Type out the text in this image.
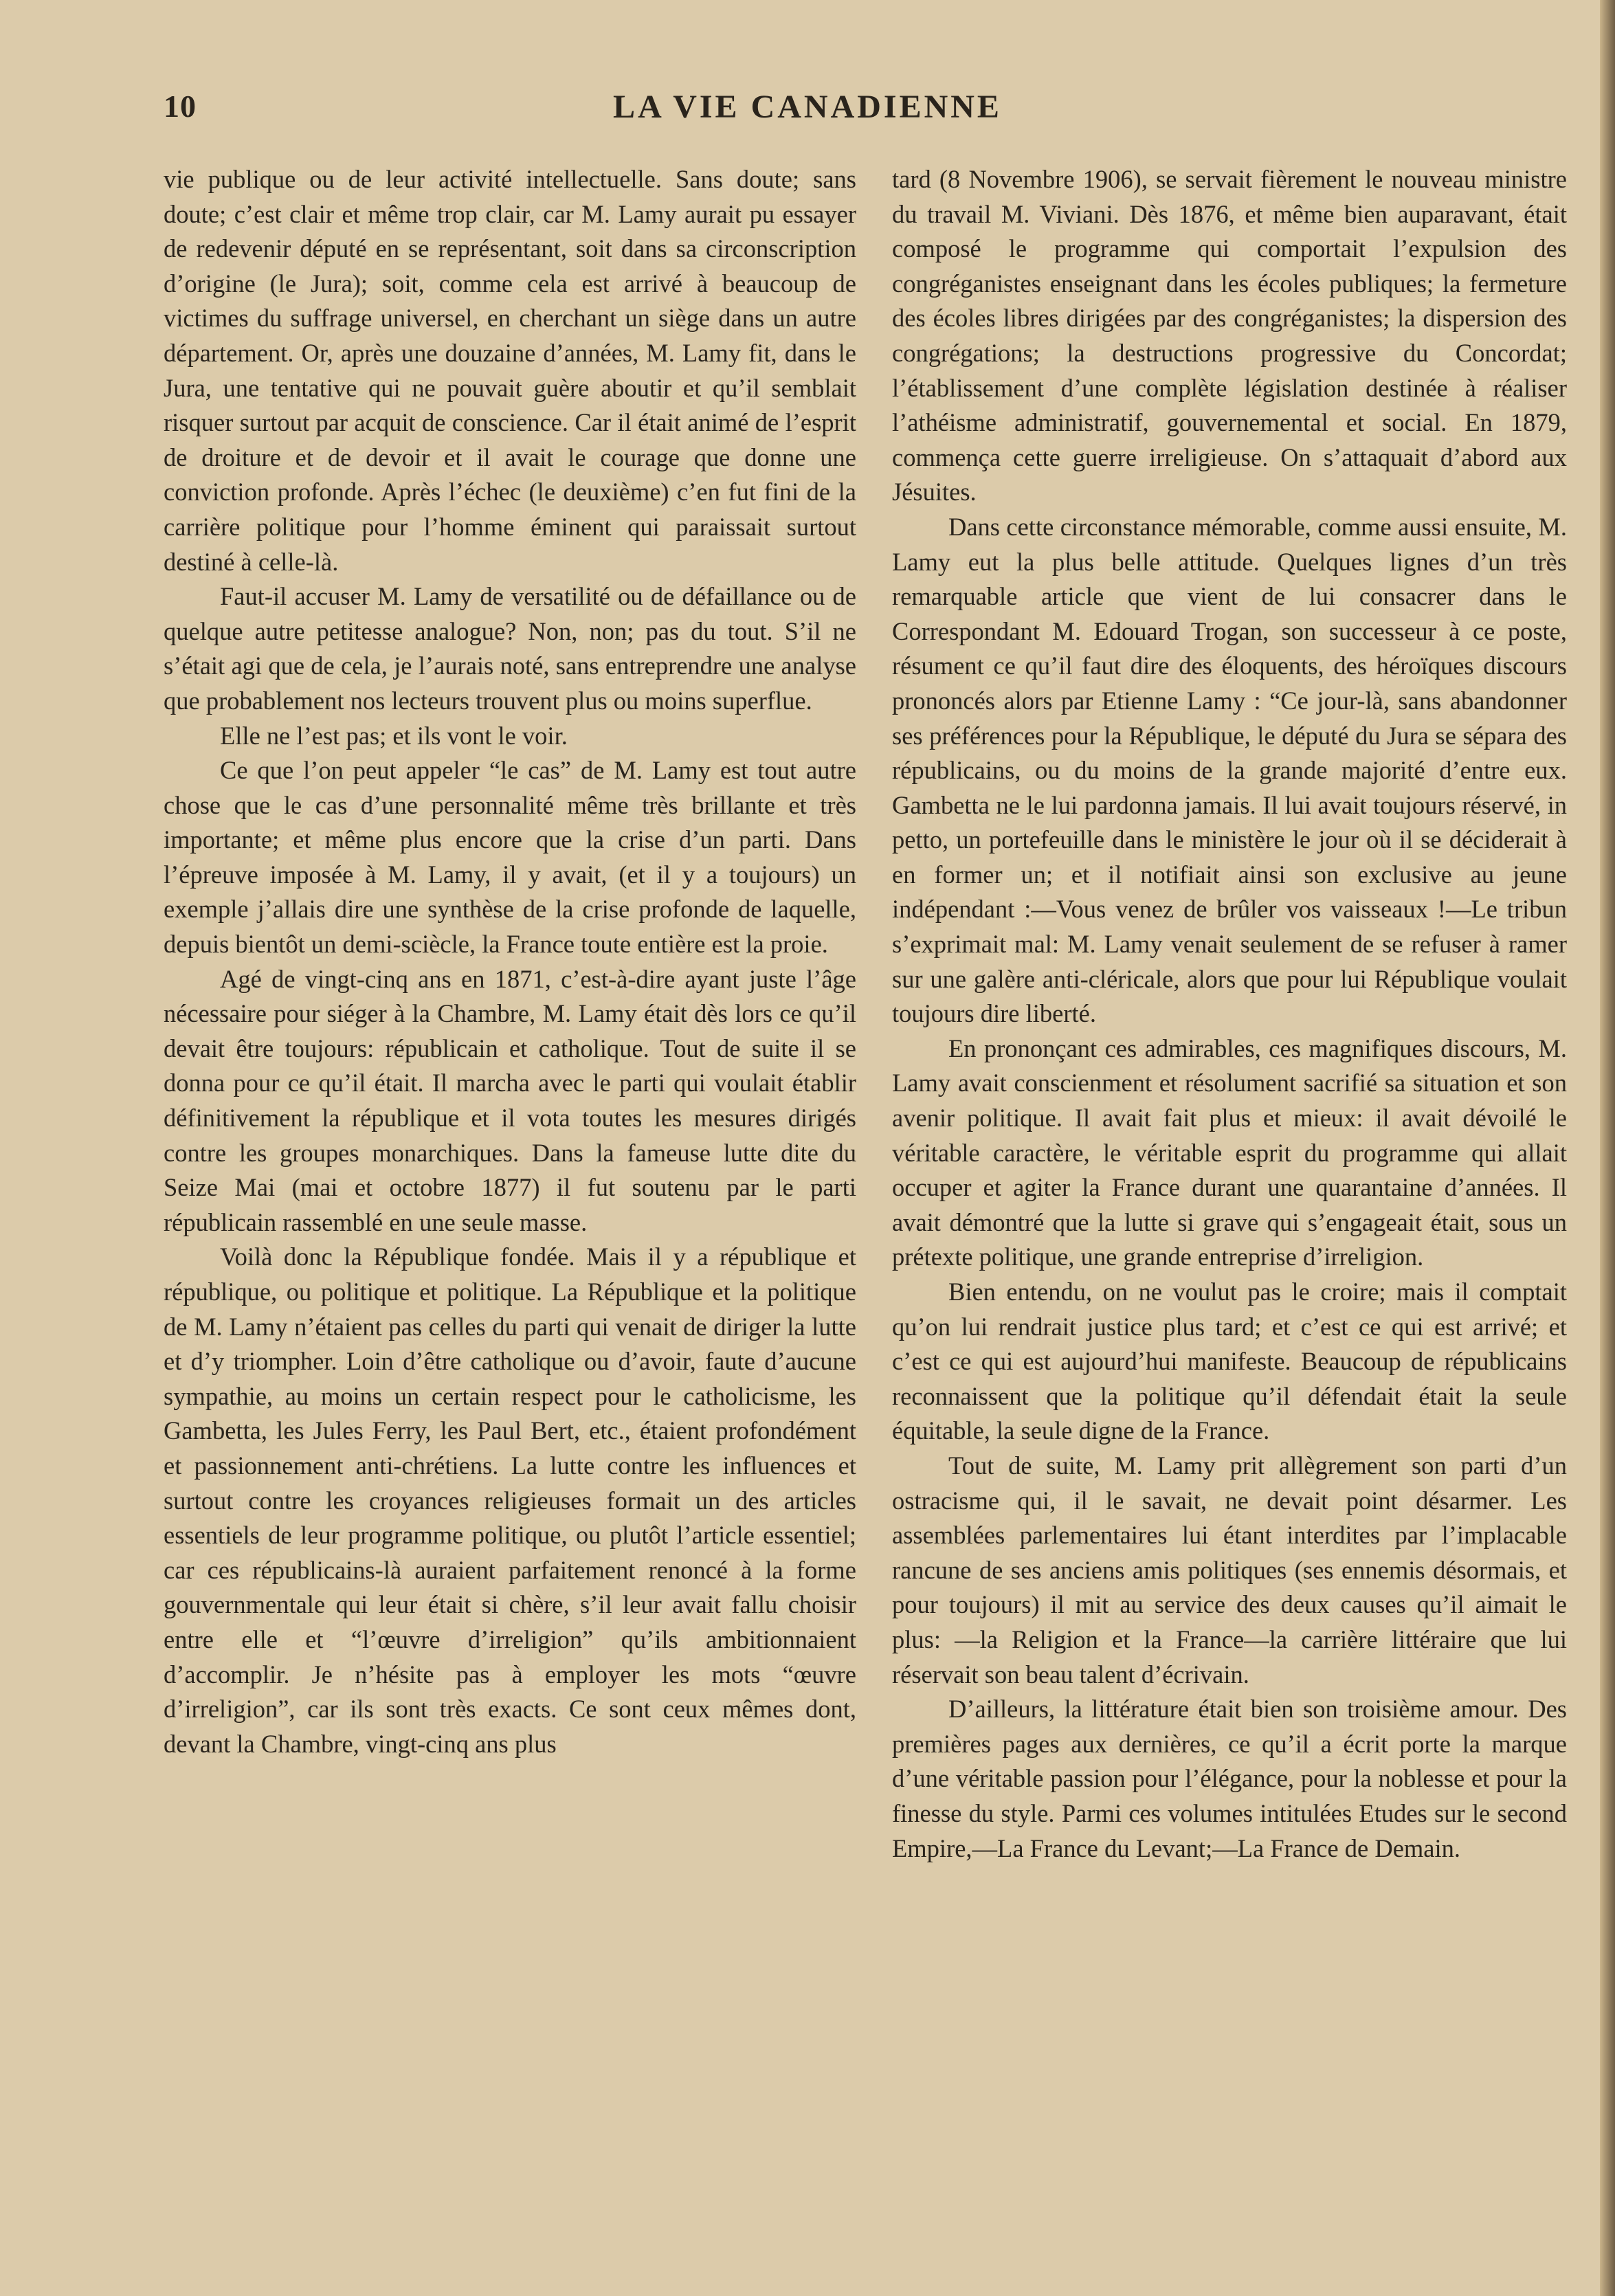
LA VIE CANADIENNE
10

vie publique ou de leur activité intellectuelle. Sans doute; sans doute; c’est clair et même trop clair, car M. Lamy aurait pu essayer de redevenir député en se représentant, soit dans sa circonscription d’origine (le Jura); soit, comme cela est arrivé à beaucoup de victimes du suffrage universel, en cherchant un siège dans un autre département. Or, après une douzaine d’années, M. Lamy fit, dans le Jura, une tentative qui ne pouvait guère aboutir et qu’il semblait risquer surtout par acquit de conscience. Car il était animé de l’esprit de droiture et de devoir et il avait le courage que donne une conviction profonde. Après l’échec (le deuxième) c’en fut fini de la carrière politique pour l’homme éminent qui paraissait surtout destiné à celle-là.

Faut-il accuser M. Lamy de versatilité ou de défaillance ou de quelque autre petitesse analogue? Non, non; pas du tout. S’il ne s’était agi que de cela, je l’aurais noté, sans entreprendre une analyse que probablement nos lecteurs trouvent plus ou moins superflue.

Elle ne l’est pas; et ils vont le voir.

Ce que l’on peut appeler “le cas” de M. Lamy est tout autre chose que le cas d’une personnalité même très brillante et très importante; et même plus encore que la crise d’un parti. Dans l’épreuve imposée à M. Lamy, il y avait, (et il y a toujours) un exemple j’allais dire une synthèse de la crise profonde de laquelle, depuis bientôt un demi-sciècle, la France toute entière est la proie.

Agé de vingt-cinq ans en 1871, c’est-à-dire ayant juste l’âge nécessaire pour siéger à la Chambre, M. Lamy était dès lors ce qu’il devait être toujours: républicain et catholique. Tout de suite il se donna pour ce qu’il était. Il marcha avec le parti qui voulait établir définitivement la république et il vota toutes les mesures dirigés contre les groupes monarchiques. Dans la fameuse lutte dite du Seize Mai (mai et octobre 1877) il fut soutenu par le parti républicain rassemblé en une seule masse.

Voilà donc la République fondée. Mais il y a république et république, ou politique et politique. La République et la politique de M. Lamy n’étaient pas celles du parti qui venait de diriger la lutte et d’y triompher. Loin d’être catholique ou d’avoir, faute d’aucune sympathie, au moins un certain respect pour le catholicisme, les Gambetta, les Jules Ferry, les Paul Bert, etc., étaient profondément et passionnement anti-chrétiens. La lutte contre les influences et surtout contre les croyances religieuses formait un des articles essentiels de leur programme politique, ou plutôt l’article essentiel; car ces républicains-là auraient parfaitement renoncé à la forme gouvernmentale qui leur était si chère, s’il leur avait fallu choisir entre elle et “l’œuvre d’irreligion” qu’ils ambitionnaient d’accomplir. Je n’hésite pas à employer les mots “œuvre d’irreligion”, car ils sont très exacts. Ce sont ceux mêmes dont, devant la Chambre, vingt-cinq ans plus

tard (8 Novembre 1906), se servait fièrement le nouveau ministre du travail M. Viviani. Dès 1876, et même bien auparavant, était composé le programme qui comportait l’expulsion des congréganistes enseignant dans les écoles publiques; la fermeture des écoles libres dirigées par des congréganistes; la dispersion des congrégations; la destructions progressive du Concordat; l’établissement d’une complète législation destinée à réaliser l’athéisme administratif, gouvernemental et social. En 1879, commença cette guerre irreligieuse. On s’attaquait d’abord aux Jésuites.

Dans cette circonstance mémorable, comme aussi ensuite, M. Lamy eut la plus belle attitude. Quelques lignes d’un très remarquable article que vient de lui consacrer dans le Correspondant M. Edouard Trogan, son successeur à ce poste, résument ce qu’il faut dire des éloquents, des héroïques discours prononcés alors par Etienne Lamy : “Ce jour-là, sans abandonner ses préférences pour la République, le député du Jura se sépara des républicains, ou du moins de la grande majorité d’entre eux. Gambetta ne le lui pardonna jamais. Il lui avait toujours réservé, in petto, un portefeuille dans le ministère le jour où il se déciderait à en former un; et il notifiait ainsi son exclusive au jeune indépendant :—Vous venez de brûler vos vaisseaux !—Le tribun s’exprimait mal: M. Lamy venait seulement de se refuser à ramer sur une galère anti-cléricale, alors que pour lui République voulait toujours dire liberté.

En prononçant ces admirables, ces magnifiques discours, M. Lamy avait conscienment et résolument sacrifié sa situation et son avenir politique. Il avait fait plus et mieux: il avait dévoilé le véritable caractère, le véritable esprit du programme qui allait occuper et agiter la France durant une quarantaine d’années. Il avait démontré que la lutte si grave qui s’engageait était, sous un prétexte politique, une grande entreprise d’irreligion.

Bien entendu, on ne voulut pas le croire; mais il comptait qu’on lui rendrait justice plus tard; et c’est ce qui est arrivé; et c’est ce qui est aujourd’hui manifeste. Beaucoup de républicains reconnaissent que la politique qu’il défendait était la seule équitable, la seule digne de la France.

Tout de suite, M. Lamy prit allègrement son parti d’un ostracisme qui, il le savait, ne devait point désarmer. Les assemblées parlementaires lui étant interdites par l’implacable rancune de ses anciens amis politiques (ses ennemis désormais, et pour toujours) il mit au service des deux causes qu’il aimait le plus: —la Religion et la France—la carrière littéraire que lui réservait son beau talent d’écrivain.

D’ailleurs, la littérature était bien son troisième amour. Des premières pages aux dernières, ce qu’il a écrit porte la marque d’une véritable passion pour l’élégance, pour la noblesse et pour la finesse du style. Parmi ces volumes intitulées Etudes sur le second Empire,—La France du Levant;—La France de Demain.
